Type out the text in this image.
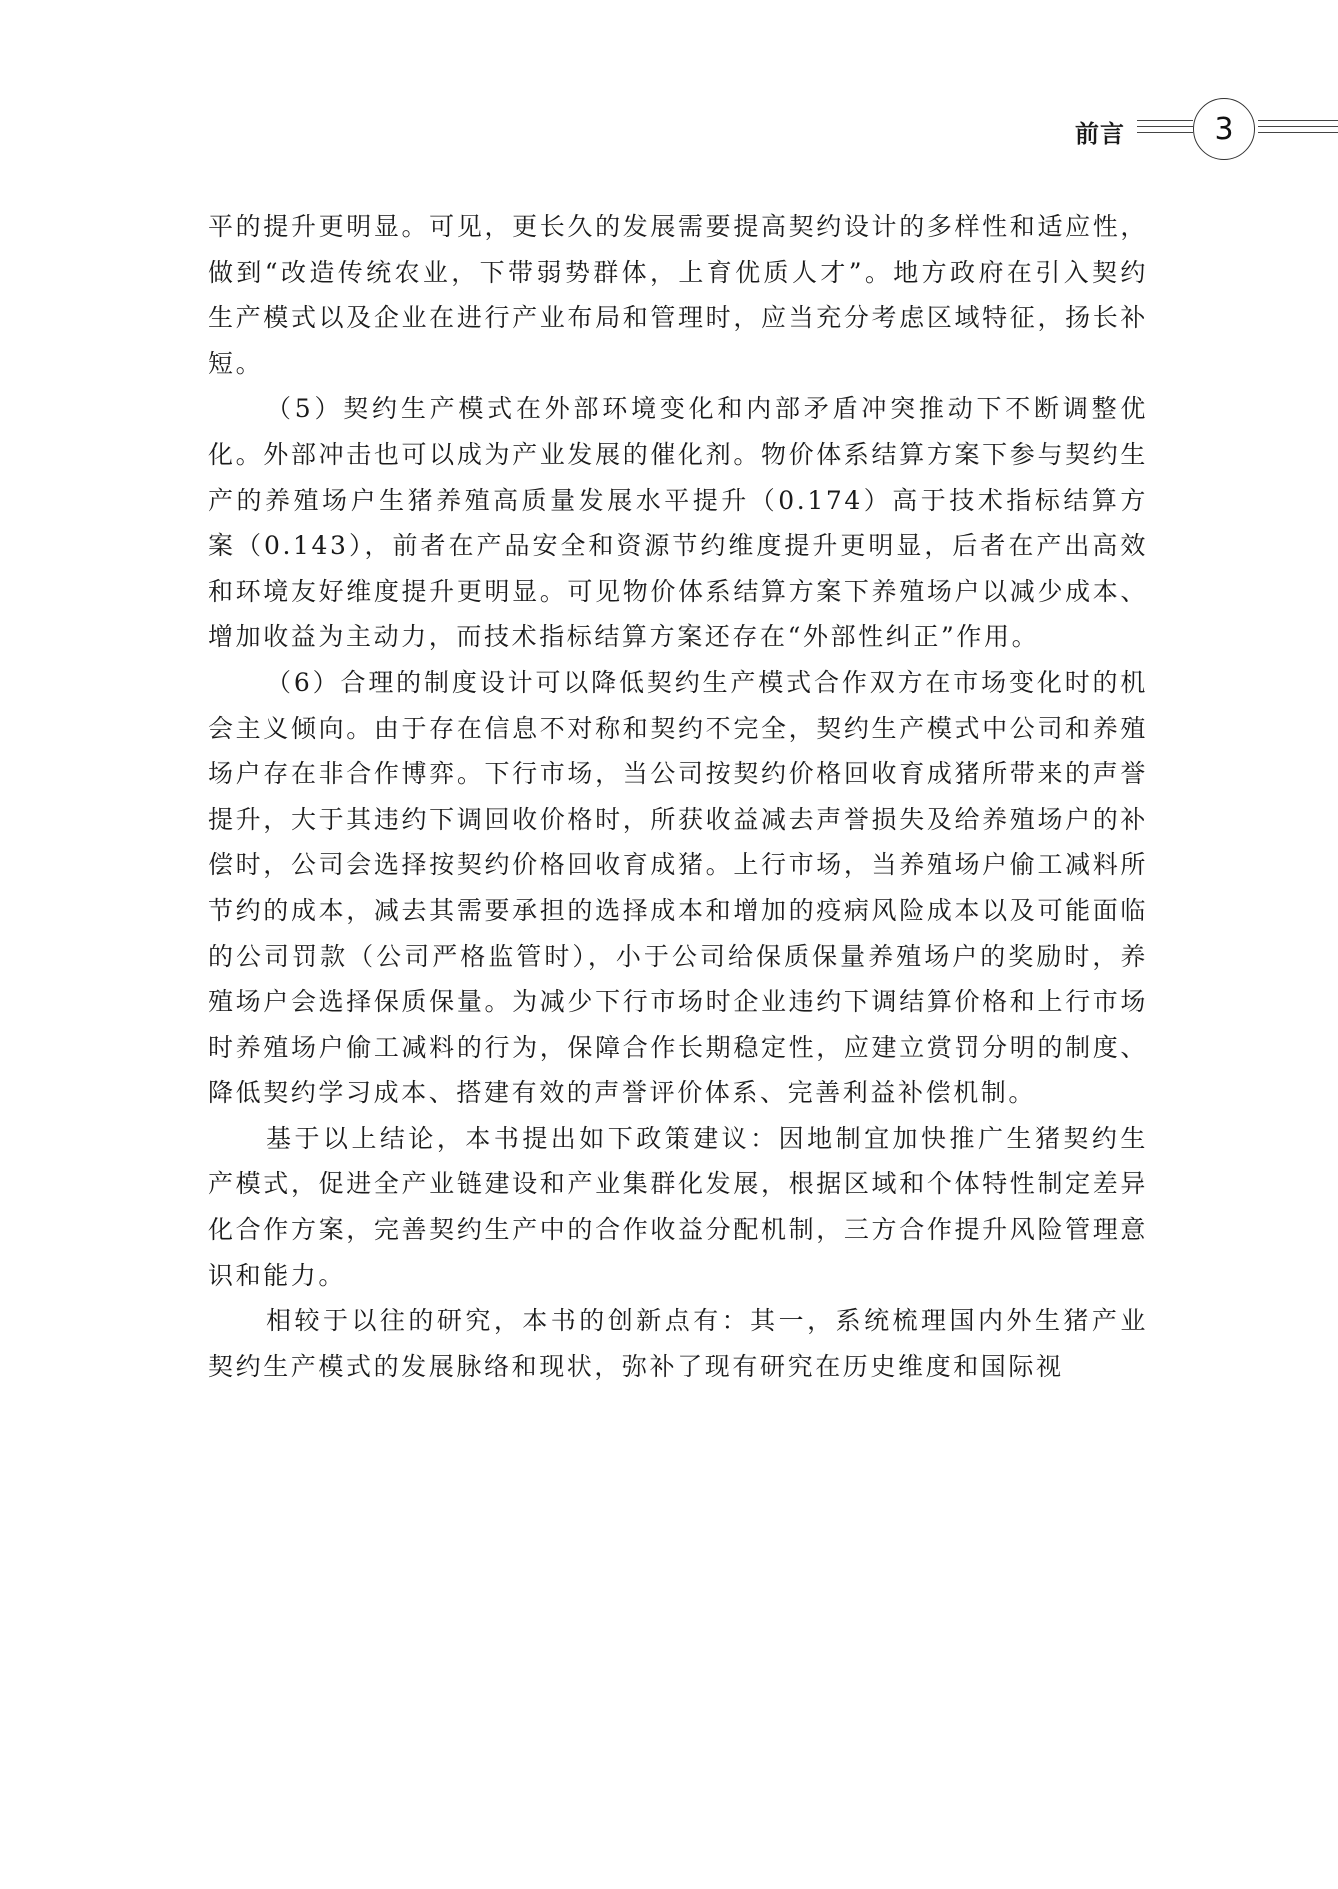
前言	3

平的提升更明显。可见，更长久的发展需要提高契约设计的多样性和适应性，做到“改造传统农业，下带弱势群体，上育优质人才”。地方政府在引入契约生产模式以及企业在进行产业布局和管理时，应当充分考虑区域特征，扬长补短。

（5）契约生产模式在外部环境变化和内部矛盾冲突推动下不断调整优化。外部冲击也可以成为产业发展的催化剂。物价体系结算方案下参与契约生产的养殖场户生猪养殖高质量发展水平提升（0.174）高于技术指标结算方案（0.143），前者在产品安全和资源节约维度提升更明显，后者在产出高效和环境友好维度提升更明显。可见物价体系结算方案下养殖场户以减少成本、增加收益为主动力，而技术指标结算方案还存在“外部性纠正”作用。

（6）合理的制度设计可以降低契约生产模式合作双方在市场变化时的机会主义倾向。由于存在信息不对称和契约不完全，契约生产模式中公司和养殖场户存在非合作博弈。下行市场，当公司按契约价格回收育成猪所带来的声誉提升，大于其违约下调回收价格时，所获收益减去声誉损失及给养殖场户的补偿时，公司会选择按契约价格回收育成猪。上行市场，当养殖场户偷工减料所节约的成本，减去其需要承担的选择成本和增加的疫病风险成本以及可能面临的公司罚款（公司严格监管时），小于公司给保质保量养殖场户的奖励时，养殖场户会选择保质保量。为减少下行市场时企业违约下调结算价格和上行市场时养殖场户偷工减料的行为，保障合作长期稳定性，应建立赏罚分明的制度、降低契约学习成本、搭建有效的声誉评价体系、完善利益补偿机制。

基于以上结论，本书提出如下政策建议：因地制宜加快推广生猪契约生产模式，促进全产业链建设和产业集群化发展，根据区域和个体特性制定差异化合作方案，完善契约生产中的合作收益分配机制，三方合作提升风险管理意识和能力。

相较于以往的研究，本书的创新点有：其一，系统梳理国内外生猪产业契约生产模式的发展脉络和现状，弥补了现有研究在历史维度和国际视
